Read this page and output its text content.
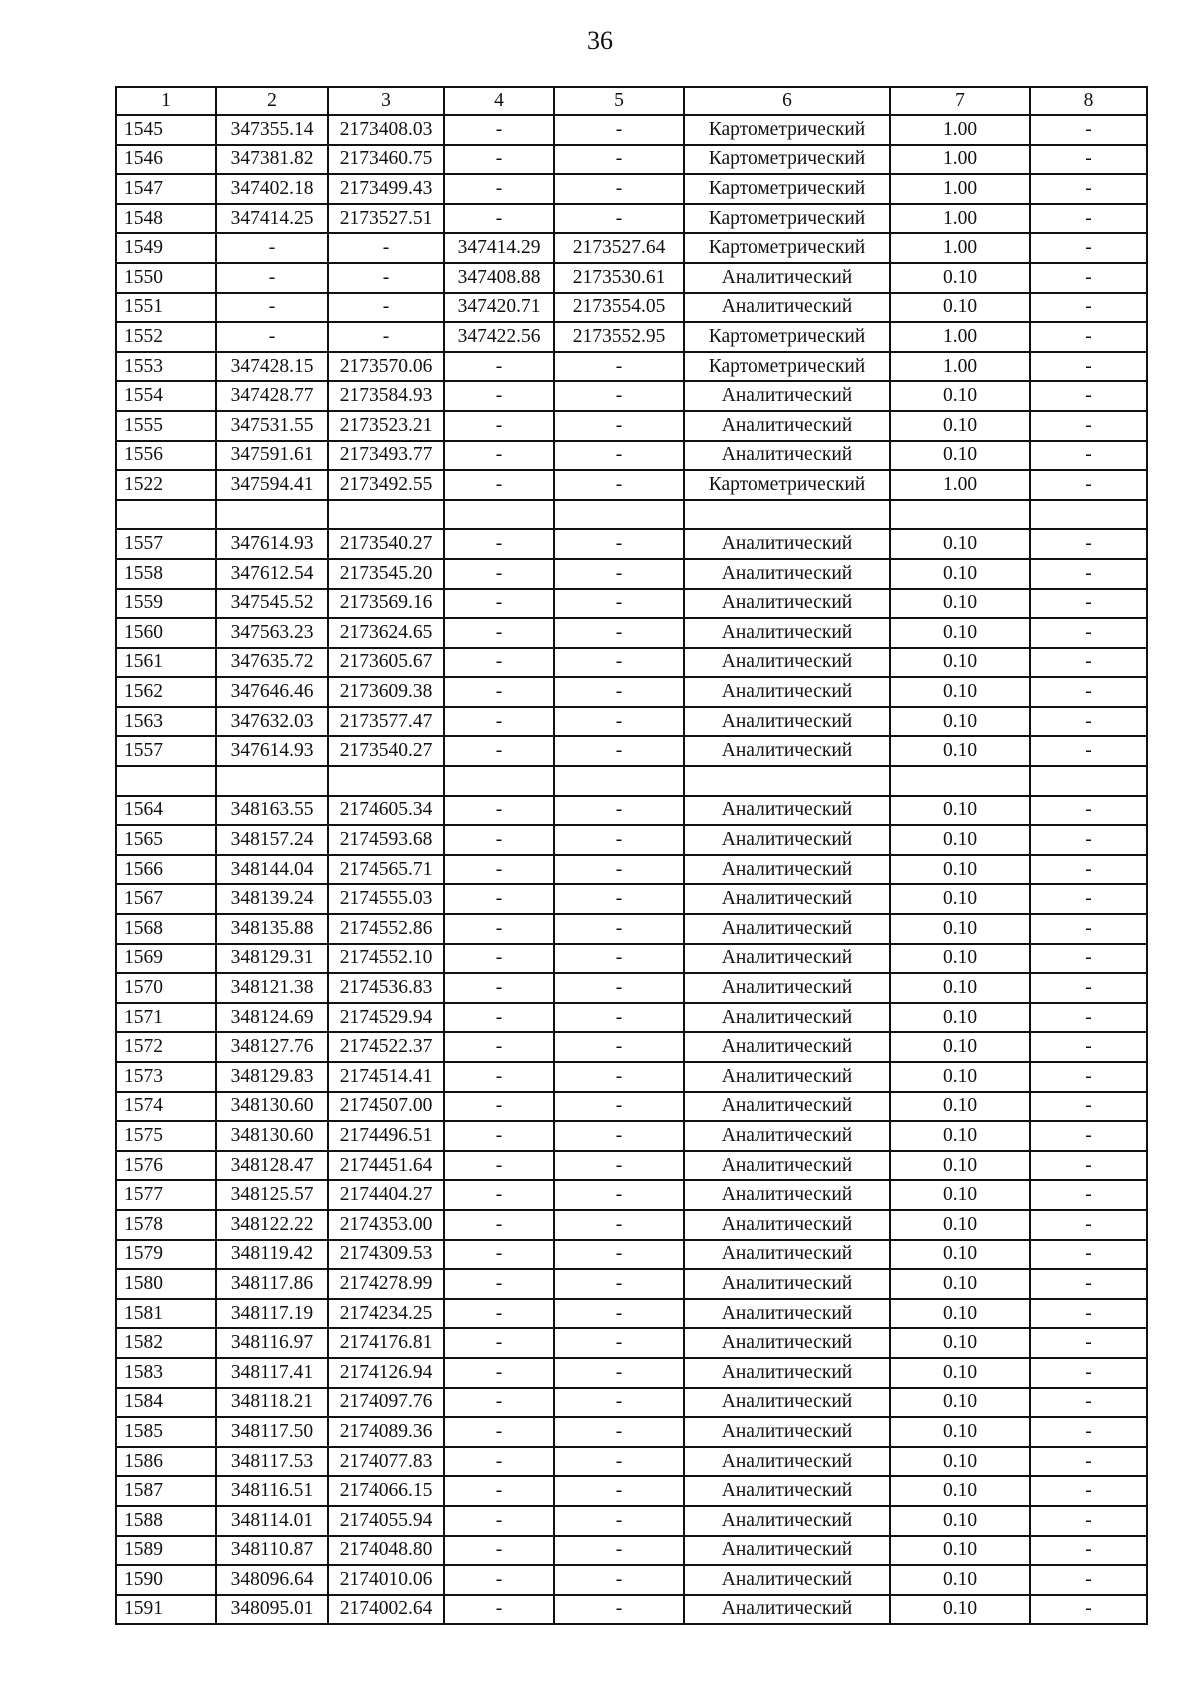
36
1	2	3	4	5	6	7	8
1545	347355.14	2173408.03	-	-	Картометрический	1.00	-
1546	347381.82	2173460.75	-	-	Картометрический	1.00	-
1547	347402.18	2173499.43	-	-	Картометрический	1.00	-
1548	347414.25	2173527.51	-	-	Картометрический	1.00	-
1549	-	-	347414.29	2173527.64	Картометрический	1.00	-
1550	-	-	347408.88	2173530.61	Аналитический	0.10	-
1551	-	-	347420.71	2173554.05	Аналитический	0.10	-
1552	-	-	347422.56	2173552.95	Картометрический	1.00	-
1553	347428.15	2173570.06	-	-	Картометрический	1.00	-
1554	347428.77	2173584.93	-	-	Аналитический	0.10	-
1555	347531.55	2173523.21	-	-	Аналитический	0.10	-
1556	347591.61	2173493.77	-	-	Аналитический	0.10	-
1522	347594.41	2173492.55	-	-	Картометрический	1.00	-

1557	347614.93	2173540.27	-	-	Аналитический	0.10	-
1558	347612.54	2173545.20	-	-	Аналитический	0.10	-
1559	347545.52	2173569.16	-	-	Аналитический	0.10	-
1560	347563.23	2173624.65	-	-	Аналитический	0.10	-
1561	347635.72	2173605.67	-	-	Аналитический	0.10	-
1562	347646.46	2173609.38	-	-	Аналитический	0.10	-
1563	347632.03	2173577.47	-	-	Аналитический	0.10	-
1557	347614.93	2173540.27	-	-	Аналитический	0.10	-

1564	348163.55	2174605.34	-	-	Аналитический	0.10	-
1565	348157.24	2174593.68	-	-	Аналитический	0.10	-
1566	348144.04	2174565.71	-	-	Аналитический	0.10	-
1567	348139.24	2174555.03	-	-	Аналитический	0.10	-
1568	348135.88	2174552.86	-	-	Аналитический	0.10	-
1569	348129.31	2174552.10	-	-	Аналитический	0.10	-
1570	348121.38	2174536.83	-	-	Аналитический	0.10	-
1571	348124.69	2174529.94	-	-	Аналитический	0.10	-
1572	348127.76	2174522.37	-	-	Аналитический	0.10	-
1573	348129.83	2174514.41	-	-	Аналитический	0.10	-
1574	348130.60	2174507.00	-	-	Аналитический	0.10	-
1575	348130.60	2174496.51	-	-	Аналитический	0.10	-
1576	348128.47	2174451.64	-	-	Аналитический	0.10	-
1577	348125.57	2174404.27	-	-	Аналитический	0.10	-
1578	348122.22	2174353.00	-	-	Аналитический	0.10	-
1579	348119.42	2174309.53	-	-	Аналитический	0.10	-
1580	348117.86	2174278.99	-	-	Аналитический	0.10	-
1581	348117.19	2174234.25	-	-	Аналитический	0.10	-
1582	348116.97	2174176.81	-	-	Аналитический	0.10	-
1583	348117.41	2174126.94	-	-	Аналитический	0.10	-
1584	348118.21	2174097.76	-	-	Аналитический	0.10	-
1585	348117.50	2174089.36	-	-	Аналитический	0.10	-
1586	348117.53	2174077.83	-	-	Аналитический	0.10	-
1587	348116.51	2174066.15	-	-	Аналитический	0.10	-
1588	348114.01	2174055.94	-	-	Аналитический	0.10	-
1589	348110.87	2174048.80	-	-	Аналитический	0.10	-
1590	348096.64	2174010.06	-	-	Аналитический	0.10	-
1591	348095.01	2174002.64	-	-	Аналитический	0.10	-
